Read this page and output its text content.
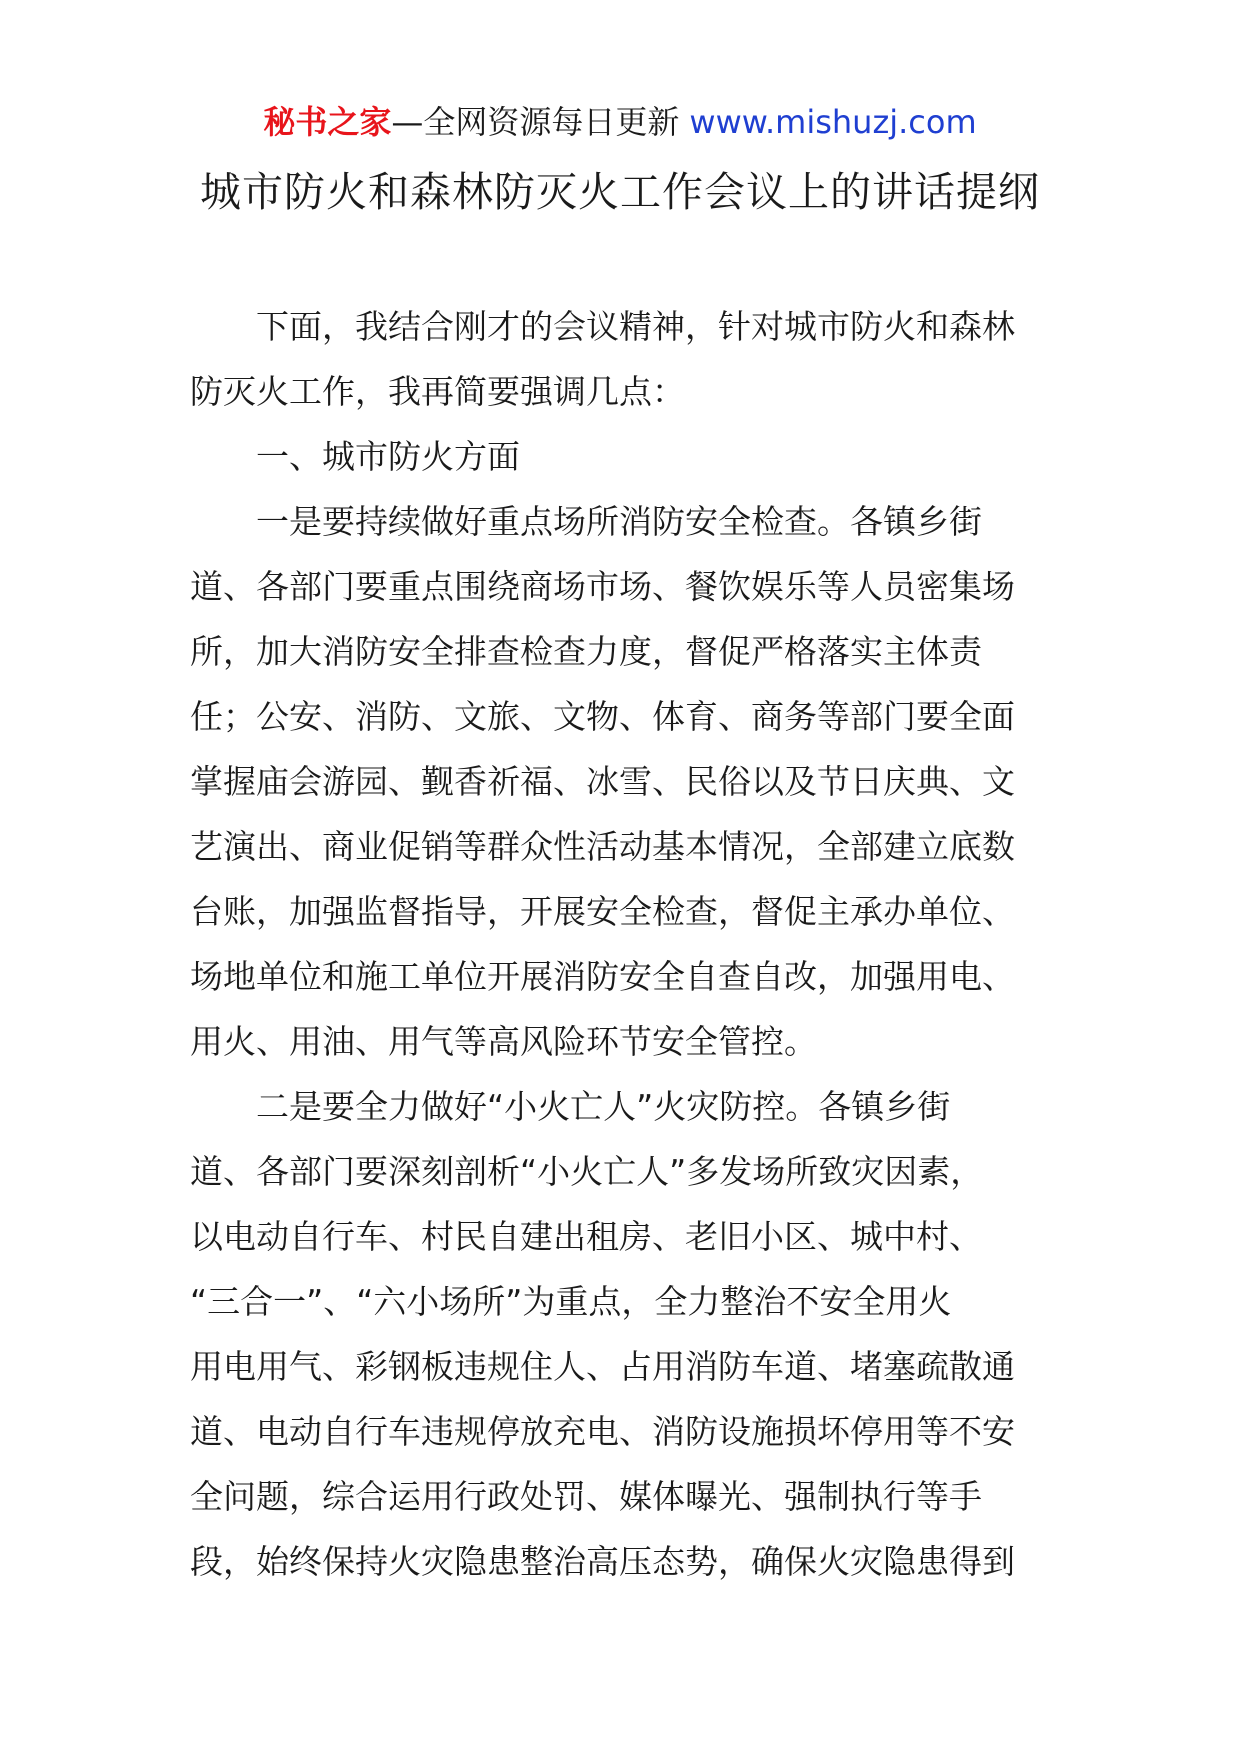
秘书之家—全网资源每日更新 www.mishuzj.com
城市防火和森林防灭火工作会议上的讲话提纲

下面，我结合刚才的会议精神，针对城市防火和森林
防灭火工作，我再简要强调几点：

一、城市防火方面

一是要持续做好重点场所消防安全检查。各镇乡街
道、各部门要重点围绕商场市场、餐饮娱乐等人员密集场
所，加大消防安全排查检查力度，督促严格落实主体责
任；公安、消防、文旅、文物、体育、商务等部门要全面
掌握庙会游园、觐香祈福、冰雪、民俗以及节日庆典、文
艺演出、商业促销等群众性活动基本情况，全部建立底数
台账，加强监督指导，开展安全检查，督促主承办单位、
场地单位和施工单位开展消防安全自查自改，加强用电、
用火、用油、用气等高风险环节安全管控。

二是要全力做好“小火亡人”火灾防控。各镇乡街
道、各部门要深刻剖析“小火亡人”多发场所致灾因素，
以电动自行车、村民自建出租房、老旧小区、城中村、
“三合一”、“六小场所”为重点，全力整治不安全用火
用电用气、彩钢板违规住人、占用消防车道、堵塞疏散通
道、电动自行车违规停放充电、消防设施损坏停用等不安
全问题，综合运用行政处罚、媒体曝光、强制执行等手
段，始终保持火灾隐患整治高压态势，确保火灾隐患得到
